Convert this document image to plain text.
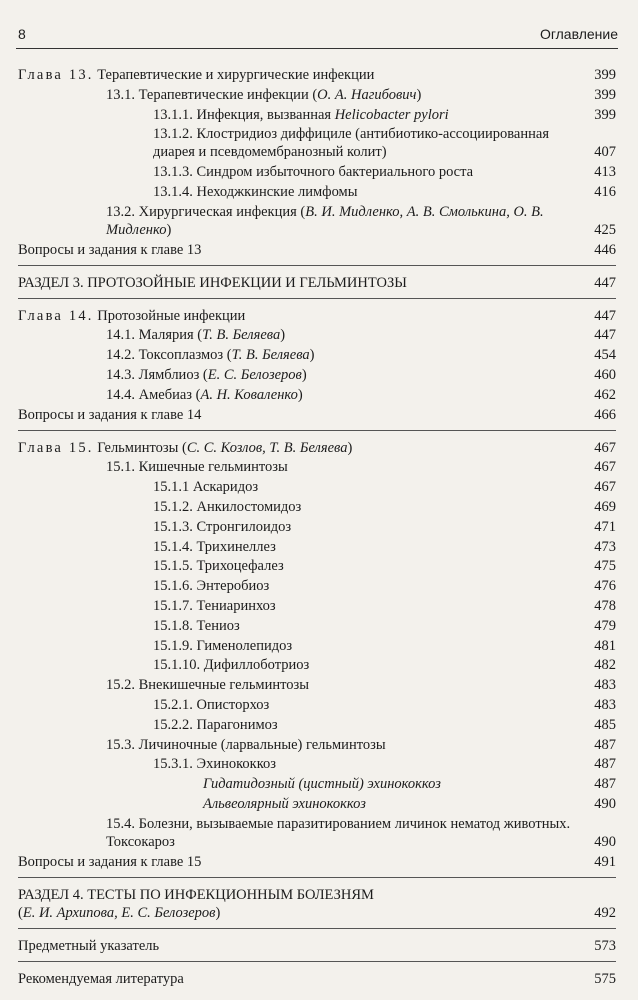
8	Оглавление
Глава 13. Терапевтические и хирургические инфекции	399
13.1. Терапевтические инфекции (О. А. Нагибович)	399
13.1.1. Инфекция, вызванная Helicobacter pylori	399
13.1.2. Клостридиоз диффициле (антибиотико-ассоциированная диарея и псевдомембранозный колит)	407
13.1.3. Синдром избыточного бактериального роста	413
13.1.4. Неходжкинские лимфомы	416
13.2. Хирургическая инфекция (В. И. Мидленко, А. В. Смолькина, О. В. Мидленко)	425
Вопросы и задания к главе 13	446
РАЗДЕЛ 3. ПРОТОЗОЙНЫЕ ИНФЕКЦИИ И ГЕЛЬМИНТОЗЫ	447
Глава 14. Протозойные инфекции	447
14.1. Малярия (Т. В. Беляева)	447
14.2. Токсоплазмоз (Т. В. Беляева)	454
14.3. Лямблиоз (Е. С. Белозеров)	460
14.4. Амебиаз (А. Н. Коваленко)	462
Вопросы и задания к главе 14	466
Глава 15. Гельминтозы (С. С. Козлов, Т. В. Беляева)	467
15.1. Кишечные гельминтозы	467
15.1.1 Аскаридоз	467
15.1.2. Анкилостомидоз	469
15.1.3. Стронгилоидоз	471
15.1.4. Трихинеллез	473
15.1.5. Трихоцефалез	475
15.1.6. Энтеробиоз	476
15.1.7. Тениаринхоз	478
15.1.8. Тениоз	479
15.1.9. Гименолепидоз	481
15.1.10. Дифиллоботриоз	482
15.2. Внекишечные гельминтозы	483
15.2.1. Описторхоз	483
15.2.2. Парагонимоз	485
15.3. Личиночные (ларвальные) гельминтозы	487
15.3.1. Эхинококкоз	487
Гидатидозный (цистный) эхинококкоз	487
Альвеолярный эхинококкоз	490
15.4. Болезни, вызываемые паразитированием личинок нематод животных. Токсокароз	490
Вопросы и задания к главе 15	491
РАЗДЕЛ 4. ТЕСТЫ ПО ИНФЕКЦИОННЫМ БОЛЕЗНЯМ
(Е. И. Архипова, Е. С. Белозеров)	492
Предметный указатель	573
Рекомендуемая литература	575
